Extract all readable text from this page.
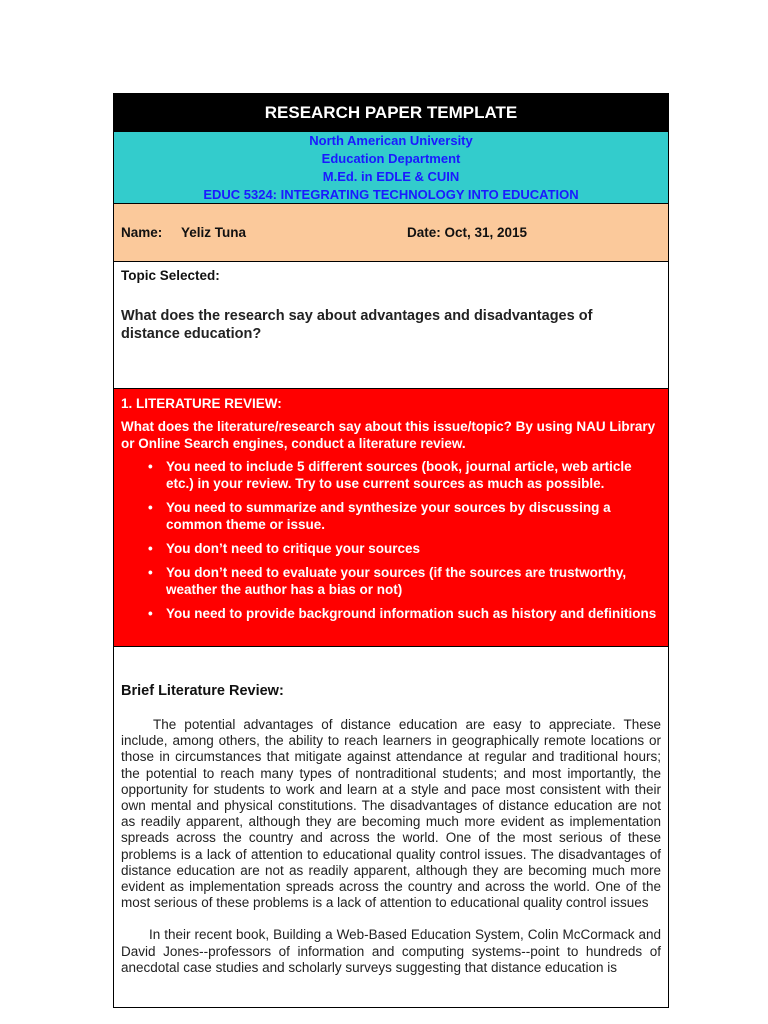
RESEARCH PAPER TEMPLATE
North American University
Education Department
M.Ed. in EDLE & CUIN
EDUC 5324: INTEGRATING TECHNOLOGY INTO EDUCATION
Name: Yeliz Tuna	Date: Oct, 31, 2015
Topic Selected:
What does the research say about advantages and disadvantages of distance education?
1. LITERATURE REVIEW:
What does the literature/research say about this issue/topic? By using NAU Library or Online Search engines, conduct a literature review.
• You need to include 5 different sources (book, journal article, web article etc.) in your review. Try to use current sources as much as possible.
• You need to summarize and synthesize your sources by discussing a common theme or issue.
• You don’t need to critique your sources
• You don’t need to evaluate your sources (if the sources are trustworthy, weather the author has a bias or not)
• You need to provide background information such as history and definitions
Brief Literature Review:

The potential advantages of distance education are easy to appreciate. These include, among others, the ability to reach learners in geographically remote locations or those in circumstances that mitigate against attendance at regular and traditional hours; the potential to reach many types of nontraditional students; and most importantly, the opportunity for students to work and learn at a style and pace most consistent with their own mental and physical constitutions. The disadvantages of distance education are not as readily apparent, although they are becoming much more evident as implementation spreads across the country and across the world. One of the most serious of these problems is a lack of attention to educational quality control issues. The disadvantages of distance education are not as readily apparent, although they are becoming much more evident as implementation spreads across the country and across the world. One of the most serious of these problems is a lack of attention to educational quality control issues

In their recent book, Building a Web-Based Education System, Colin McCormack and David Jones--professors of information and computing systems--point to hundreds of anecdotal case studies and scholarly surveys suggesting that distance education is
